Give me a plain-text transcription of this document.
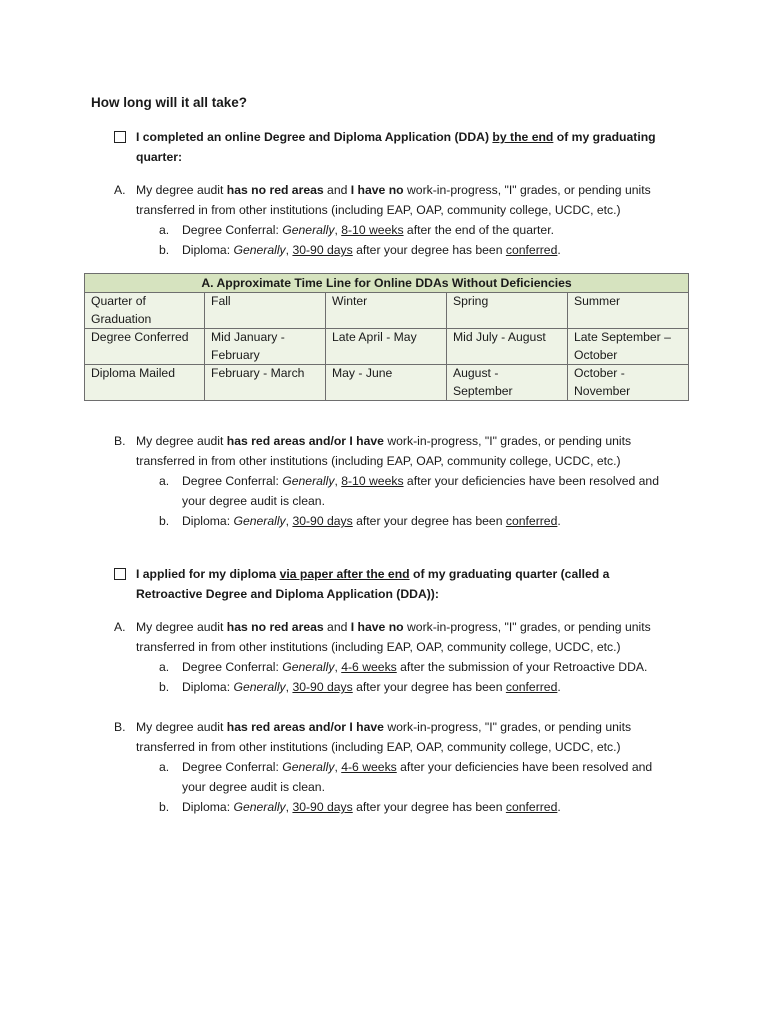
How long will it all take?
I completed an online Degree and Diploma Application (DDA) by the end of my graduating
quarter:
A. My degree audit has no red areas and I have no work-in-progress, "I" grades, or pending units
transferred in from other institutions (including EAP, OAP, community college, UCDC, etc.)
a. Degree Conferral: Generally, 8-10 weeks after the end of the quarter.
b. Diploma: Generally, 30-90 days after your degree has been conferred.
A. Approximate Time Line for Online DDAs Without Deficiencies				
Quarter of Graduation	Fall	Winter	Spring	Summer
Degree Conferred	Mid January - February	Late April - May	Mid July - August	Late September – October
Diploma Mailed	February - March	May - June	August - September	October - November
B. My degree audit has red areas and/or I have work-in-progress, "I" grades, or pending units
transferred in from other institutions (including EAP, OAP, community college, UCDC, etc.)
a. Degree Conferral: Generally, 8-10 weeks after your deficiencies have been resolved and
your degree audit is clean.
b. Diploma: Generally, 30-90 days after your degree has been conferred.
I applied for my diploma via paper after the end of my graduating quarter (called a
Retroactive Degree and Diploma Application (DDA)):
A. My degree audit has no red areas and I have no work-in-progress, "I" grades, or pending units
transferred in from other institutions (including EAP, OAP, community college, UCDC, etc.)
a. Degree Conferral: Generally, 4-6 weeks after the submission of your Retroactive DDA.
b. Diploma: Generally, 30-90 days after your degree has been conferred.
B. My degree audit has red areas and/or I have work-in-progress, "I" grades, or pending units
transferred in from other institutions (including EAP, OAP, community college, UCDC, etc.)
a. Degree Conferral: Generally, 4-6 weeks after your deficiencies have been resolved and
your degree audit is clean.
b. Diploma: Generally, 30-90 days after your degree has been conferred.
